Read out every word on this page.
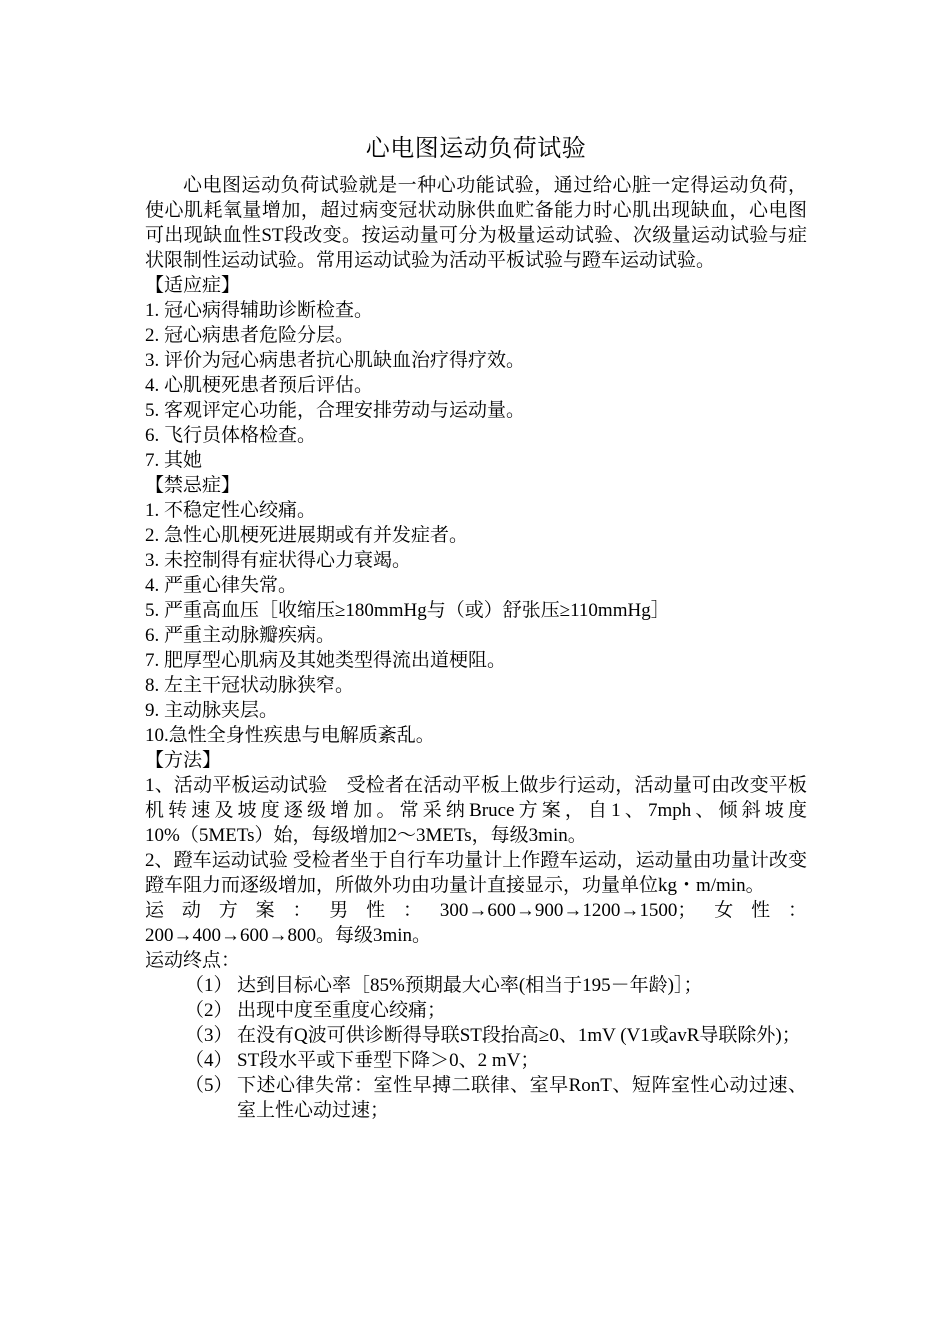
心电图运动负荷试验

心电图运动负荷试验就是一种心功能试验，通过给心脏一定得运动负荷，使心肌耗氧量增加，超过病变冠状动脉供血贮备能力时心肌出现缺血，心电图可出现缺血性ST段改变。按运动量可分为极量运动试验、次级量运动试验与症状限制性运动试验。常用运动试验为活动平板试验与蹬车运动试验。

【适应症】

1. 冠心病得辅助诊断检查。
2. 冠心病患者危险分层。
3. 评价为冠心病患者抗心肌缺血治疗得疗效。
4. 心肌梗死患者预后评估。
5. 客观评定心功能，合理安排劳动与运动量。
6. 飞行员体格检查。
7. 其她

【禁忌症】

1. 不稳定性心绞痛。
2. 急性心肌梗死进展期或有并发症者。
3. 未控制得有症状得心力衰竭。
4. 严重心律失常。
5. 严重高血压［收缩压≥180mmHg与（或）舒张压≥110mmHg］
6. 严重主动脉瓣疾病。
7. 肥厚型心肌病及其她类型得流出道梗阻。
8. 左主干冠状动脉狭窄。
9. 主动脉夹层。
10.急性全身性疾患与电解质紊乱。

【方法】

1、活动平板运动试验　受检者在活动平板上做步行运动，活动量可由改变平板机转速及坡度逐级增加。常采纳Bruce方案，自1、7mph、倾斜坡度10%（5METs）始，每级增加2～3METs，每级3min。

2、蹬车运动试验 受检者坐于自行车功量计上作蹬车运动，运动量由功量计改变蹬车阻力而逐级增加，所做外功由功量计直接显示，功量单位kg・m/min。

运动方案：男性：300→600→900→1200→1500；女性：

200→400→600→800。每级3min。

运动终点：

（1） 达到目标心率［85%预期最大心率(相当于195－年龄)］；
（2） 出现中度至重度心绞痛；
（3） 在没有Q波可供诊断得导联ST段抬高≥0、1mV (V1或avR导联除外)；
（4） ST段水平或下垂型下降＞0、2 mV；
（5） 下述心律失常：室性早搏二联律、室早RonT、短阵室性心动过速、室上性心动过速；
